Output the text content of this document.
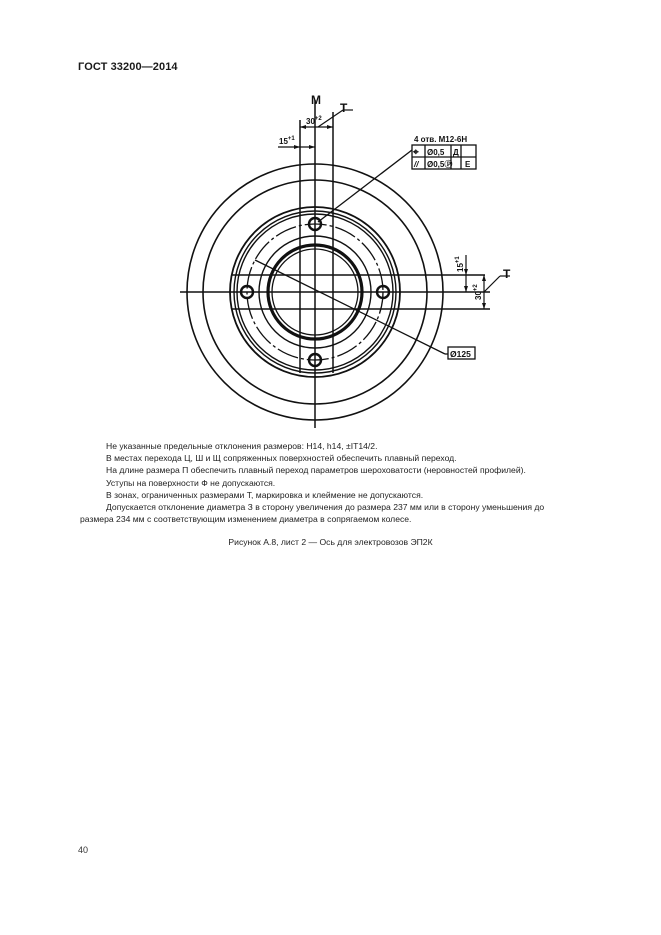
ГОСТ 33200—2014
М
$30^{+2}$
$15^{+1}$
Т
Т
$15^{+1}$
$30^{+2}$
4 отв. М12-6Н
⌖ Ø0,5 Д
// Ø0,5Ⓟ Е
Ø125

Не указанные предельные отклонения размеров: H14, h14, ±IT14/2.

В местах перехода Ц, Ш и Щ сопряженных поверхностей обеспечить плавный переход.

На длине размера П обеспечить плавный переход параметров шероховатости (неровностей профилей).

Уступы на поверхности Ф не допускаются.

В зонах, ограниченных размерами Т, маркировка и клеймение не допускаются.

Допускается отклонение диаметра З в сторону увеличения до размера 237 мм или в сторону уменьшения до

размера 234 мм с соответствующим изменением диаметра в сопрягаемом колесе.

Рисунок А.8, лист 2 — Ось для электровозов ЭП2К
40
